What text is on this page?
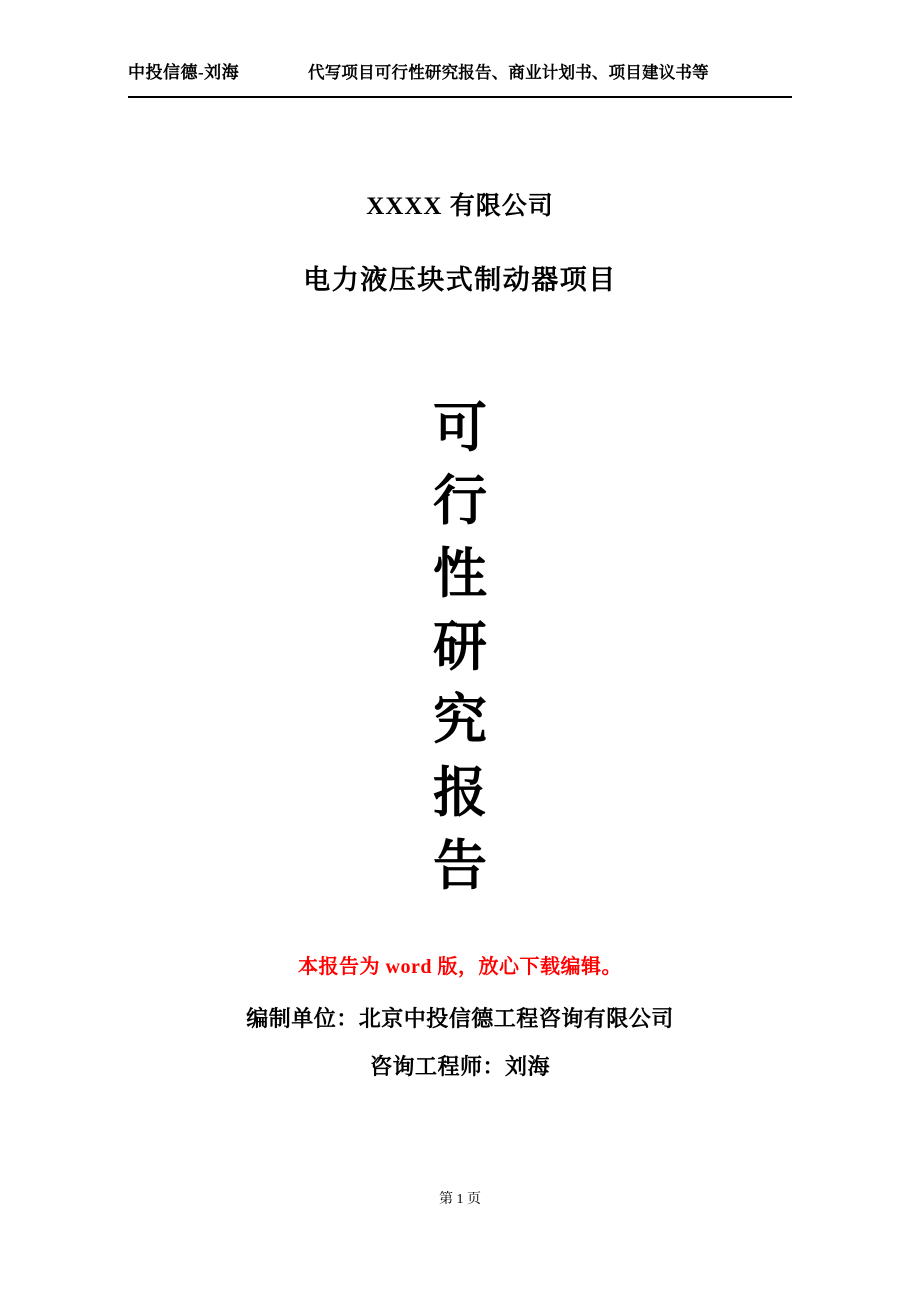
中投信德-刘海	代写项目可行性研究报告、商业计划书、项目建议书等
XXXX 有限公司
电力液压块式制动器项目
可
行
性
研
究
报
告
本报告为 word 版，放心下载编辑。
编制单位：北京中投信德工程咨询有限公司
咨询工程师：刘海
第 1 页
